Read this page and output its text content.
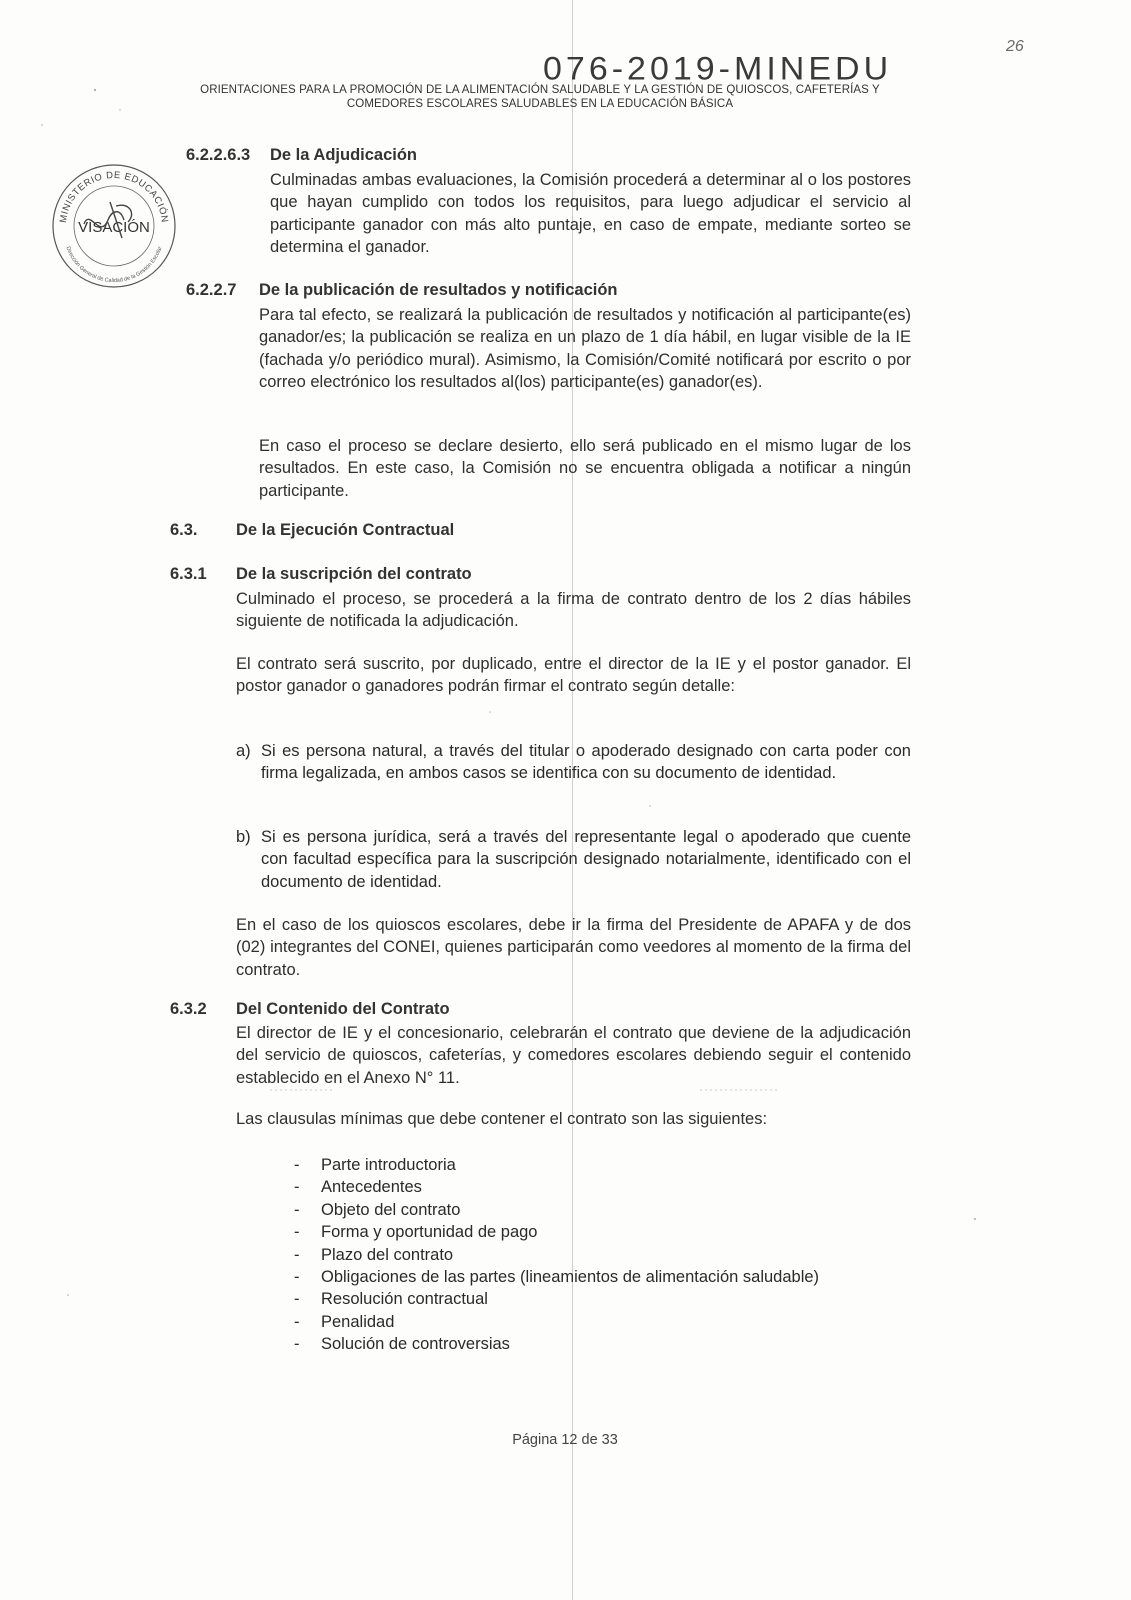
076-2019-MINEDU
26
ORIENTACIONES PARA LA PROMOCIÓN DE LA ALIMENTACIÓN SALUDABLE Y LA GESTIÓN DE QUIOSCOS, CAFETERÍAS Y
COMEDORES ESCOLARES SALUDABLES EN LA EDUCACIÓN BÁSICA
MINISTERIO DE EDUCACIÓN
Dirección General de Calidad de la Gestión Escolar
VISACIÓN
6.2.2.6.3 De la Adjudicación

Culminadas ambas evaluaciones, la Comisión procederá a determinar al o los postores que hayan cumplido con todos los requisitos, para luego adjudicar el servicio al participante ganador con más alto puntaje, en caso de empate, mediante sorteo se determina el ganador.

6.2.2.7 De la publicación de resultados y notificación

Para tal efecto, se realizará la publicación de resultados y notificación al participante(es) ganador/es; la publicación se realiza en un plazo de 1 día hábil, en lugar visible de la IE (fachada y/o periódico mural). Asimismo, la Comisión/Comité notificará por escrito o por correo electrónico los resultados al(los) participante(es) ganador(es).

En caso el proceso se declare desierto, ello será publicado en el mismo lugar de los resultados. En este caso, la Comisión no se encuentra obligada a notificar a ningún participante.

6.3. De la Ejecución Contractual
6.3.1 De la suscripción del contrato

Culminado el proceso, se procederá a la firma de contrato dentro de los 2 días hábiles siguiente de notificada la adjudicación.

El contrato será suscrito, por duplicado, entre el director de la IE y el postor ganador. El postor ganador o ganadores podrán firmar el contrato según detalle:

a) Si es persona natural, a través del titular o apoderado designado con carta poder con firma legalizada, en ambos casos se identifica con su documento de identidad.
b) Si es persona jurídica, será a través del representante legal o apoderado que cuente con facultad específica para la suscripción designado notarialmente, identificado con el documento de identidad.

En el caso de los quioscos escolares, debe ir la firma del Presidente de APAFA y de dos (02) integrantes del CONEI, quienes participarán como veedores al momento de la firma del contrato.

6.3.2 Del Contenido del Contrato

El director de IE y el concesionario, celebrarán el contrato que deviene de la adjudicación del servicio de quioscos, cafeterías, y comedores escolares debiendo seguir el contenido establecido en el Anexo N° 11.

Las clausulas mínimas que debe contener el contrato son las siguientes:

- Parte introductoria
- Antecedentes
- Objeto del contrato
- Forma y oportunidad de pago
- Plazo del contrato
- Obligaciones de las partes (lineamientos de alimentación saludable)
- Resolución contractual
- Penalidad
- Solución de controversias
Página 12 de 33
